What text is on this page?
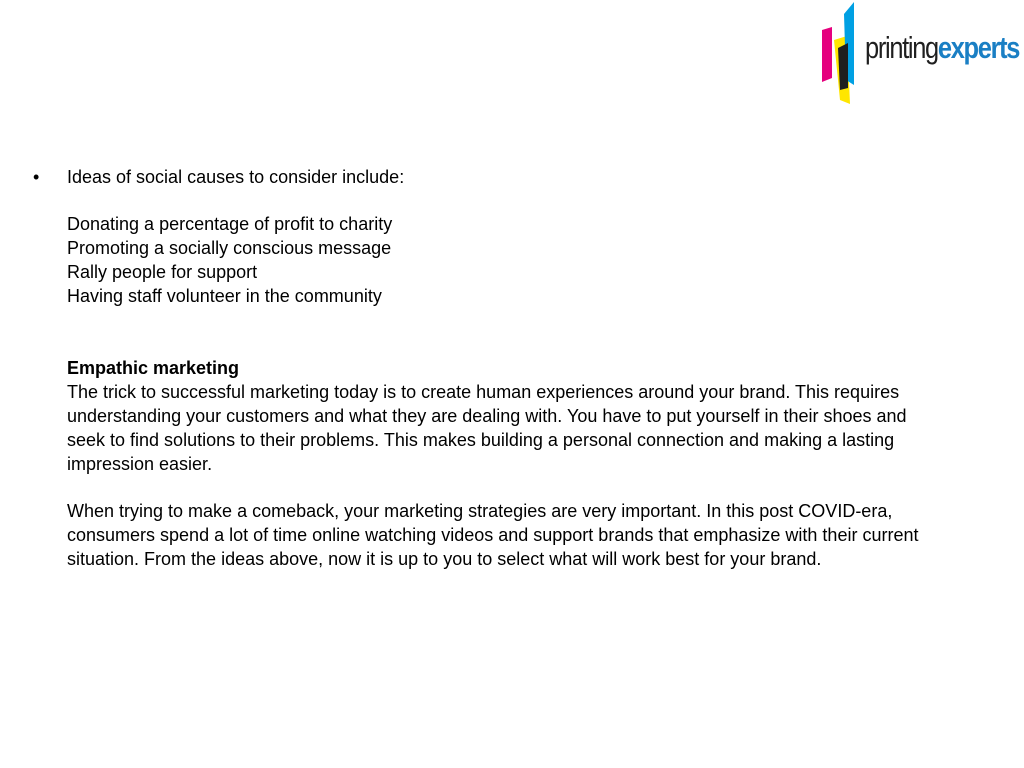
printingexperts
• Ideas of social causes to consider include:
Donating a percentage of profit to charity
Promoting a socially conscious message
Rally people for support
Having staff volunteer in the community
Empathic marketing
The trick to successful marketing today is to create human experiences around your brand. This requires
understanding your customers and what they are dealing with. You have to put yourself in their shoes and
seek to find solutions to their problems. This makes building a personal connection and making a lasting
impression easier.
When trying to make a comeback, your marketing strategies are very important. In this post COVID-era,
consumers spend a lot of time online watching videos and support brands that emphasize with their current
situation. From the ideas above, now it is up to you to select what will work best for your brand.
